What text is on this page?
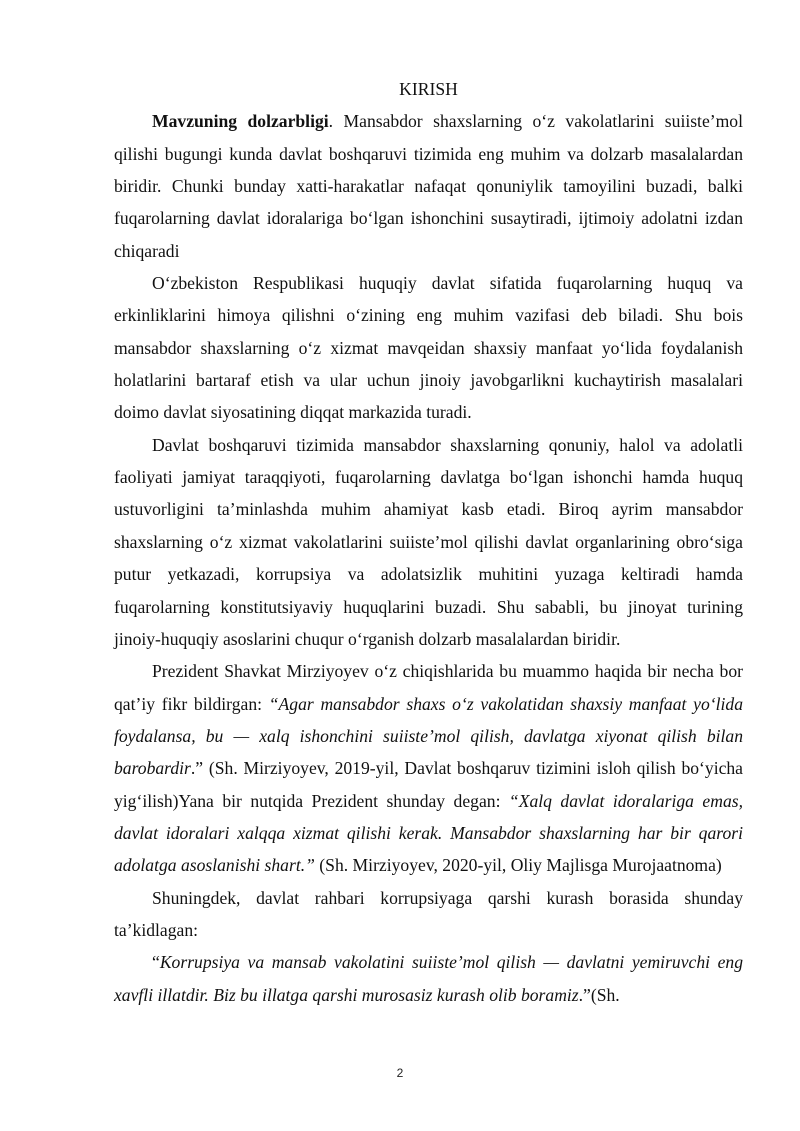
KIRISH

Mavzuning dolzarbligi. Mansabdor shaxslarning o‘z vakolatlarini suiiste’mol qilishi bugungi kunda davlat boshqaruvi tizimida eng muhim va dolzarb masalalardan biridir. Chunki bunday xatti-harakatlar nafaqat qonuniylik tamoyilini buzadi, balki fuqarolarning davlat idoralariga bo‘lgan ishonchini susaytiradi, ijtimoiy adolatni izdan chiqaradi

O‘zbekiston Respublikasi huquqiy davlat sifatida fuqarolarning huquq va erkinliklarini himoya qilishni o‘zining eng muhim vazifasi deb biladi. Shu bois mansabdor shaxslarning o‘z xizmat mavqeidan shaxsiy manfaat yo‘lida foydalanish holatlarini bartaraf etish va ular uchun jinoiy javobgarlikni kuchaytirish masalalari doimo davlat siyosatining diqqat markazida turadi.

Davlat boshqaruvi tizimida mansabdor shaxslarning qonuniy, halol va adolatli faoliyati jamiyat taraqqiyoti, fuqarolarning davlatga bo‘lgan ishonchi hamda huquq ustuvorligini ta’minlashda muhim ahamiyat kasb etadi. Biroq ayrim mansabdor shaxslarning o‘z xizmat vakolatlarini suiiste’mol qilishi davlat organlarining obro‘siga putur yetkazadi, korrupsiya va adolatsizlik muhitini yuzaga keltiradi hamda fuqarolarning konstitutsiyaviy huquqlarini buzadi. Shu sababli, bu jinoyat turining jinoiy-huquqiy asoslarini chuqur o‘rganish dolzarb masalalardan biridir.

Prezident Shavkat Mirziyoyev o‘z chiqishlarida bu muammo haqida bir necha bor qat’iy fikr bildirgan: “Agar mansabdor shaxs o‘z vakolatidan shaxsiy manfaat yo‘lida foydalansa, bu — xalq ishonchini suiiste’mol qilish, davlatga xiyonat qilish bilan barobardir.” (Sh. Mirziyoyev, 2019-yil, Davlat boshqaruv tizimini isloh qilish bo‘yicha yig‘ilish)Yana bir nutqida Prezident shunday degan: “Xalq davlat idoralariga emas, davlat idoralari xalqqa xizmat qilishi kerak. Mansabdor shaxslarning har bir qarori adolatga asoslanishi shart.” (Sh. Mirziyoyev, 2020-yil, Oliy Majlisga Murojaatnoma)

Shuningdek, davlat rahbari korrupsiyaga qarshi kurash borasida shunday ta’kidlagan:

“Korrupsiya va mansab vakolatini suiiste’mol qilish — davlatni yemiruvchi eng xavfli illatdir. Biz bu illatga qarshi murosasiz kurash olib boramiz.”(Sh.

2
